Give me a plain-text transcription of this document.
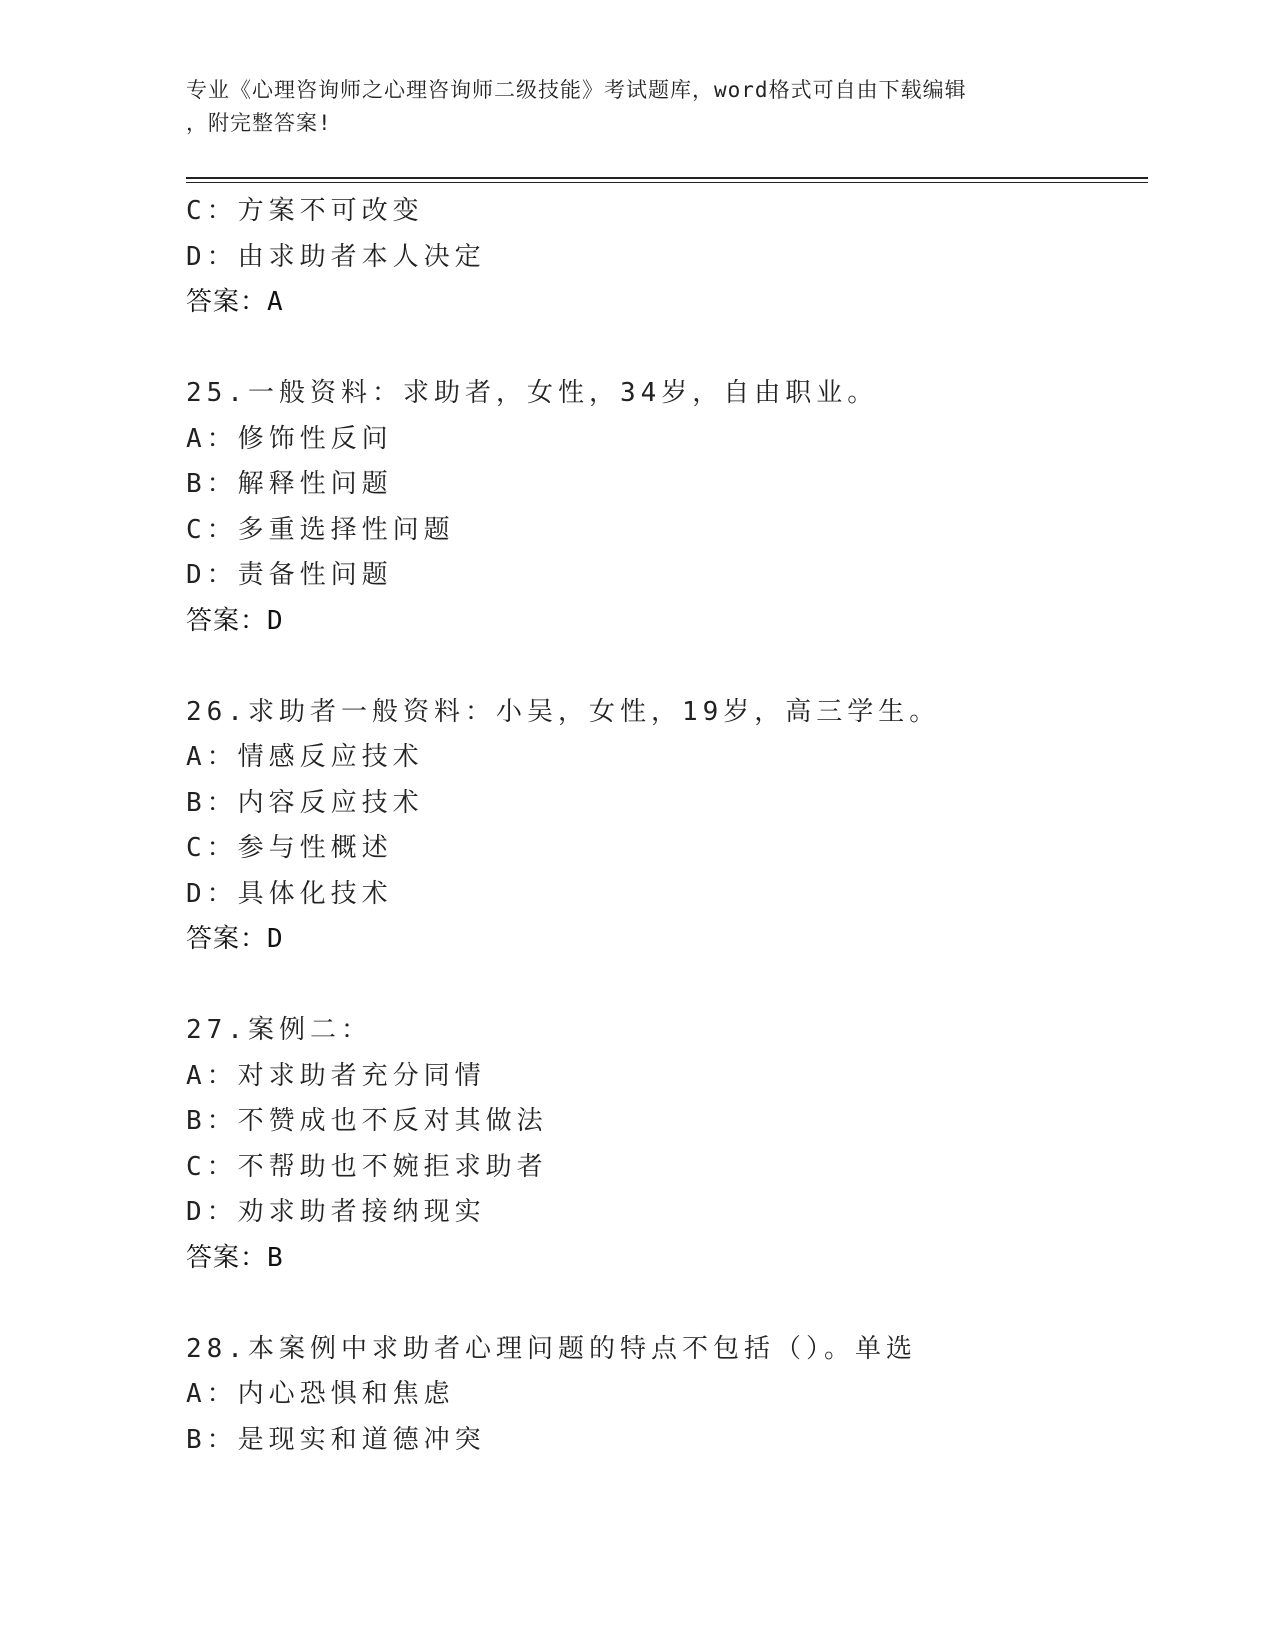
专业《心理咨询师之心理咨询师二级技能》考试题库，word格式可自由下载编辑
，附完整答案!
C：方案不可改变
D：由求助者本人决定
答案：A
25.一般资料：求助者，女性，34岁，自由职业。
A：修饰性反问
B：解释性问题
C：多重选择性问题
D：责备性问题
答案：D
26.求助者一般资料：小吴，女性，19岁，高三学生。
A：情感反应技术
B：内容反应技术
C：参与性概述
D：具体化技术
答案：D
27.案例二：
A：对求助者充分同情
B：不赞成也不反对其做法
C：不帮助也不婉拒求助者
D：劝求助者接纳现实
答案：B
28.本案例中求助者心理问题的特点不包括（）。单选
A：内心恐惧和焦虑
B：是现实和道德冲突
